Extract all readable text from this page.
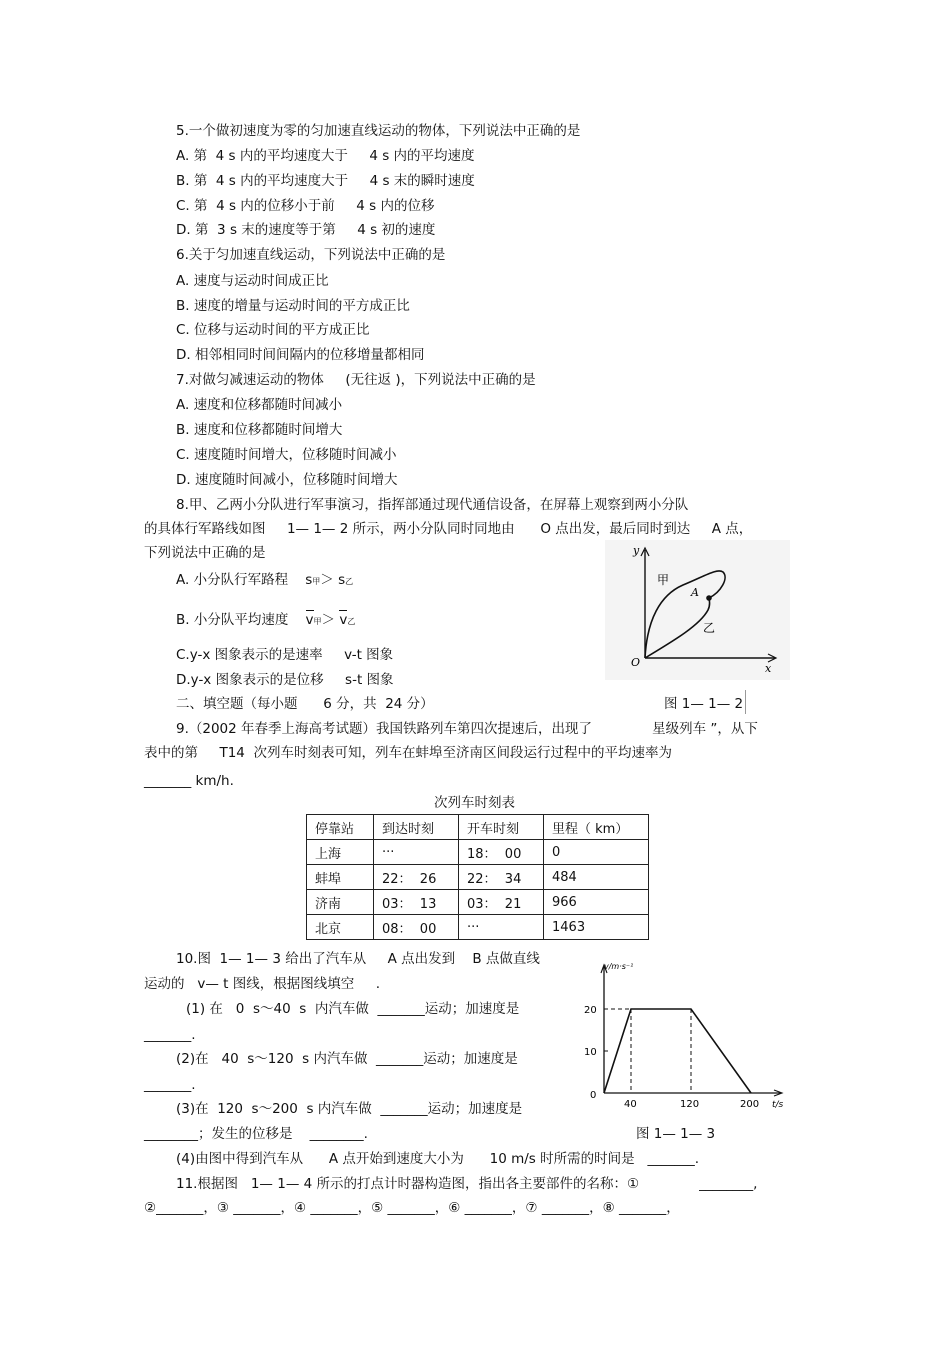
5.一个做初速度为零的匀加速直线运动的物体，下列说法中正确的是
A. 第  4 s 内的平均速度大于     4 s 内的平均速度
B. 第  4 s 内的平均速度大于     4 s 末的瞬时速度
C. 第  4 s 内的位移小于前     4 s 内的位移
D. 第  3 s 末的速度等于第     4 s 初的速度
6.关于匀加速直线运动，下列说法中正确的是
A. 速度与运动时间成正比
B. 速度的增量与运动时间的平方成正比
C. 位移与运动时间的平方成正比
D. 相邻相同时间间隔内的位移增量都相同
7.对做匀减速运动的物体     (无往返 )，下列说法中正确的是
A. 速度和位移都随时间减小
B. 速度和位移都随时间增大
C. 速度随时间增大，位移随时间减小
D. 速度随时间减小，位移随时间增大
8.甲、乙两小分队进行军事演习，指挥部通过现代通信设备，在屏幕上观察到两小分队
的具体行军路线如图     1— 1— 2 所示，两小分队同时同地由      O 点出发，最后同时到达     A 点，
下列说法中正确的是
A. 小分队行军路程    s甲＞ s乙
B. 小分队平均速度    v甲＞ v乙
C.y-x 图象表示的是速率     v-t 图象
D.y-x 图象表示的是位移     s-t 图象
y
x
O
A
甲
乙
二、填空题（每小题      6 分，共  24 分）	图 1— 1— 2
9.（2002 年春季上海高考试题）我国铁路列车第四次提速后，出现了              星级列车 ”，从下
表中的第     T14  次列车时刻表可知，列车在蚌埠至济南区间段运行过程中的平均速率为
_______ km/h.
次列车时刻表
停靠站	到达时刻	开车时刻	里程（ km）
上海	···	18：  00	0
蚌埠	22：  26	22：  34	484
济南	03：  13	03：  21	966
北京	08：  00	···	1463
10.图  1— 1— 3 给出了汽车从     A 点出发到    B 点做直线
运动的   v— t 图线，根据图线填空     .
(1) 在   0  s～40  s  内汽车做  _______运动；加速度是
_______.
(2)在   40  s～120  s 内汽车做  _______运动；加速度是
_______.
(3)在  120  s～200  s 内汽车做  _______运动；加速度是
________；发生的位移是    ________.
(4)由图中得到汽车从      A 点开始到速度大小为      10 m/s 时所需的时间是   _______.
20
10
0
40	120	200
v/m·s⁻¹
t/s
图 1— 1— 3
11.根据图   1— 1— 4 所示的打点计时器构造图，指出各主要部件的名称：①              ________,
②_______，③ _______，④ _______，⑤ _______，⑥ _______，⑦ _______，⑧ _______，
